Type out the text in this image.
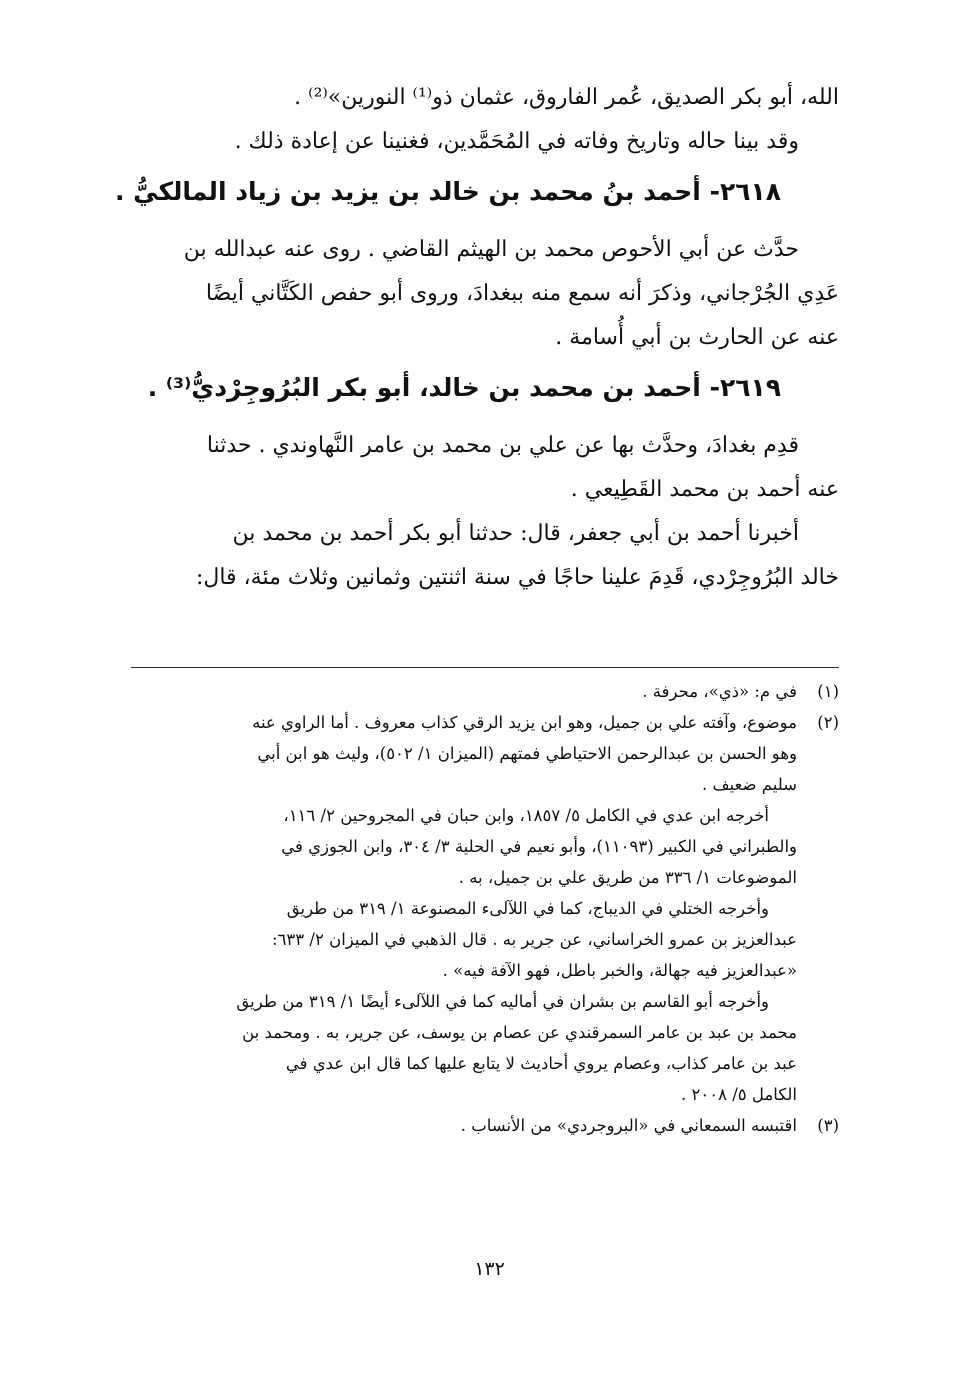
الله، أبو بكر الصديق، عُمر الفاروق، عثمان ذو⁽¹⁾ النورين»⁽²⁾ .
وقد بينا حاله وتاريخ وفاته في المُحَمَّدين، فغنينا عن إعادة ذلك .
٢٦١٨- أحمد بنُ محمد بن خالد بن يزيد بن زياد المالكيُّ .
حدَّث عن أبي الأحوص محمد بن الهيثم القاضي . روى عنه عبدالله بن
عَدِي الجُرْجاني، وذكرَ أنه سمع منه ببغدادَ، وروى أبو حفص الكَتَّاني أيضًا
عنه عن الحارث بن أبي أُسامة .
٢٦١٩- أحمد بن محمد بن خالد، أبو بكر البُرُوجِرْديُّ⁽³⁾ .
قدِم بغدادَ، وحدَّث بها عن علي بن محمد بن عامر النَّهاوندي . حدثنا
عنه أحمد بن محمد القَطِيعي .
أخبرنا أحمد بن أبي جعفر، قال: حدثنا أبو بكر أحمد بن محمد بن
خالد البُرُوجِرْدي، قَدِمَ علينا حاجًا في سنة اثنتين وثمانين وثلاث مئة، قال:
(١)
في م: «ذي»، محرفة .
(٢)
موضوع، وآفته علي بن جميل، وهو ابن يزيد الرقي كذاب معروف . أما الراوي عنه
وهو الحسن بن عبدالرحمن الاحتياطي فمتهم (الميزان ١/ ٥٠٢)، وليث هو ابن أبي
سليم ضعيف .
أخرجه ابن عدي في الكامل ٥/ ١٨٥٧، وابن حبان في المجروحين ٢/ ١١٦،
والطبراني في الكبير (١١٠٩٣)، وأبو نعيم في الحلية ٣/ ٣٠٤، وابن الجوزي في
الموضوعات ١/ ٣٣٦ من طريق علي بن جميل، به .
وأخرجه الختلي في الديباج، كما في اللآلىء المصنوعة ١/ ٣١٩ من طريق
عبدالعزيز بن عمرو الخراساني، عن جرير به . قال الذهبي في الميزان ٢/ ٦٣٣:
«عبدالعزيز فيه جهالة، والخبر باطل، فهو الآفة فيه» .
وأخرجه أبو القاسم بن بشران في أماليه كما في اللآلىء أيضًا ١/ ٣١٩ من طريق
محمد بن عبد بن عامر السمرقندي عن عصام بن يوسف، عن جرير، به . ومحمد بن
عبد بن عامر كذاب، وعصام يروي أحاديث لا يتابع عليها كما قال ابن عدي في
الكامل ٥/ ٢٠٠٨ .
(٣)
اقتبسه السمعاني في «البروجردي» من الأنساب .
١٣٢
